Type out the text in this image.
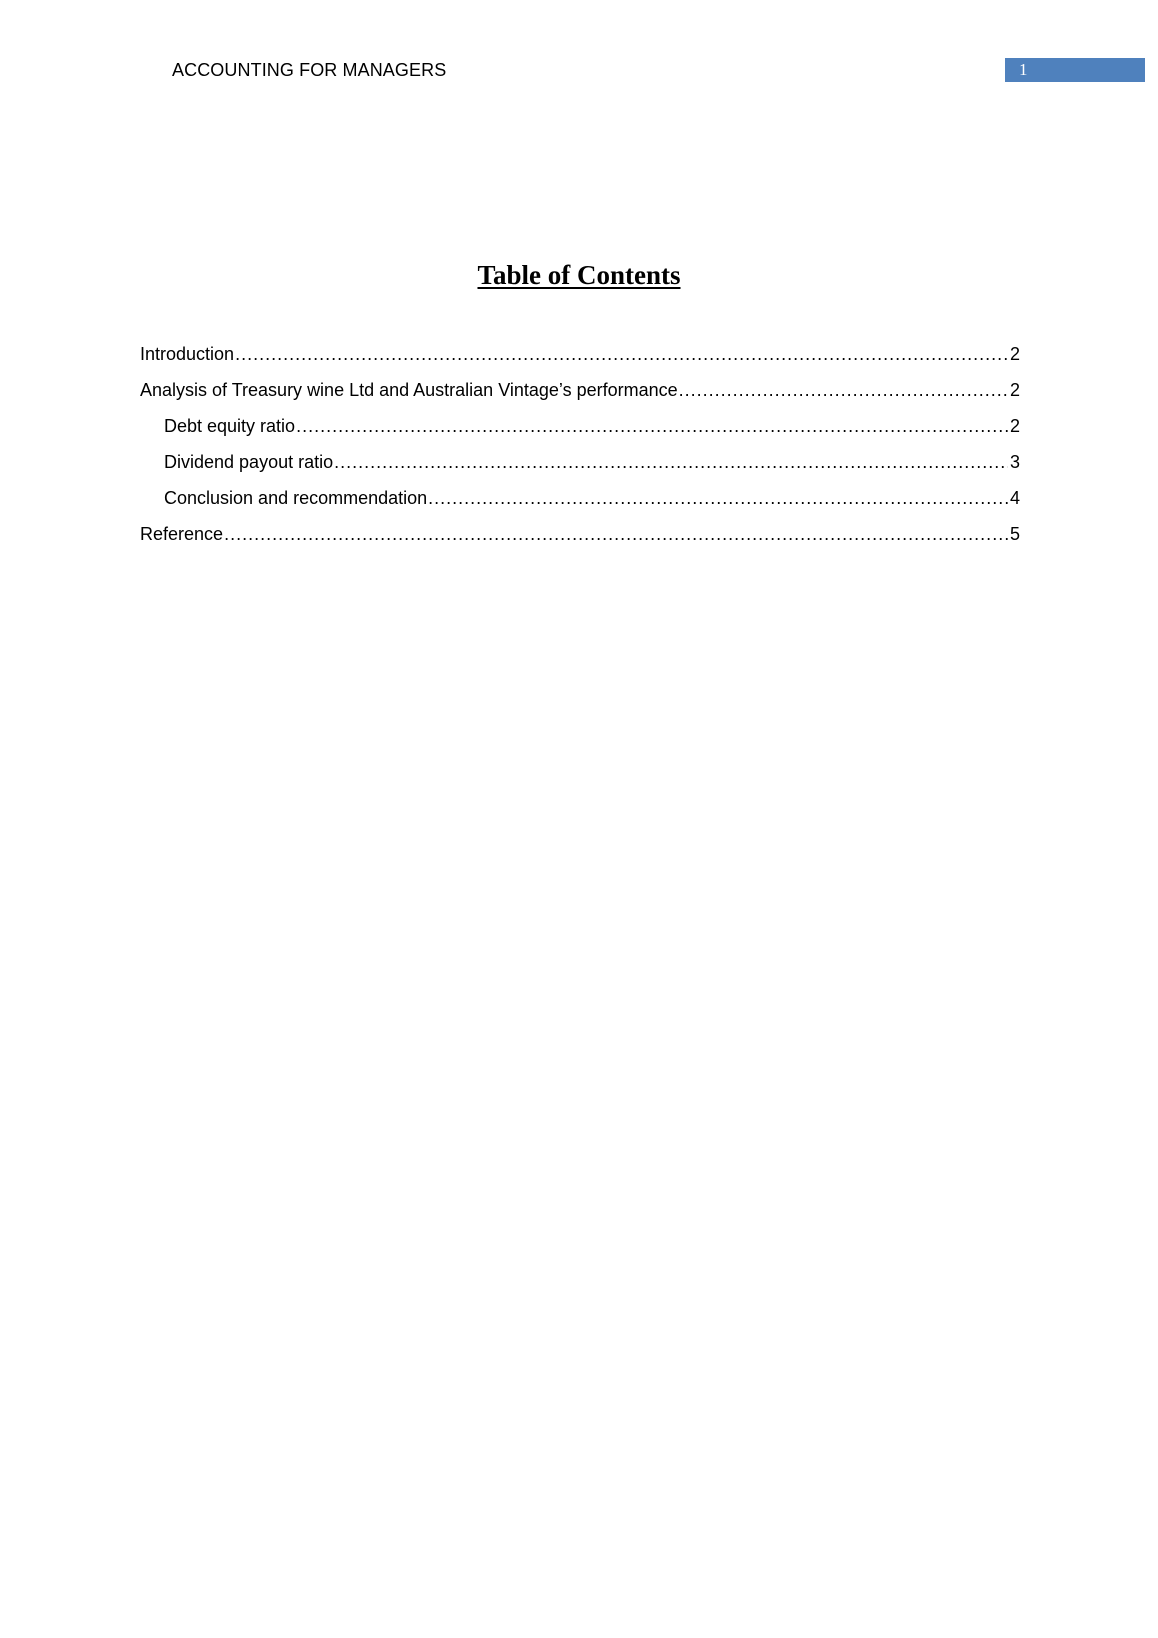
ACCOUNTING FOR MANAGERS	1
Table of Contents
Introduction .....	2
Analysis of Treasury wine Ltd and Australian Vintage’s performance .....	2
Debt equity ratio .....	2
Dividend payout ratio .....	3
Conclusion and recommendation .....	4
Reference .....	5
